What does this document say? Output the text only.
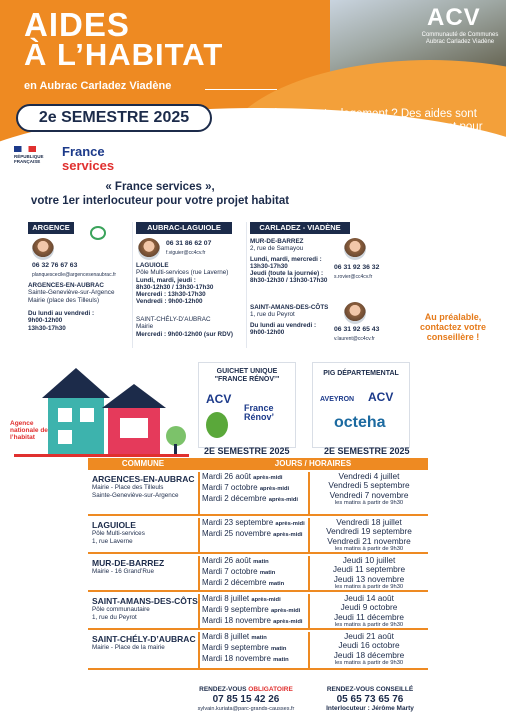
AIDES
À L’HABITAT
en Aubrac Carladez Viadène
ACV
Communauté de Communes Aubrac Carladez Viadène
2e SEMESTRE 2025	Vous rénovez votre logement ? Des aides sont mobilisables et différents dispositifs existent pour votre projet. Des permanences sont là pour vous guider dans vos démarches.
RÉPUBLIQUE FRANÇAISE
France
services
« France services »,
votre 1er interlocuteur pour votre projet habitat
ARGENCE
06 32 76 67 63
planquescecile@argencesenaubrac.fr
ARGENCES-EN-AUBRAC
Sainte-Geneviève-sur-Argence
Mairie (place des Tilleuls)
Du lundi au vendredi :
9h00-12h00
13h30-17h30
AUBRAC-LAGUIOLE
06 31 86 62 07
f.viguier@cc4cv.fr
LAGUIOLE
Pôle Multi-services (rue Laverne)
Lundi, mardi, jeudi :
8h30-12h30 / 13h30-17h30
Mercredi : 13h30-17h30
Vendredi : 9h00-12h00
SAINT-CHÉLY-D’AUBRAC
Mairie
Mercredi : 9h00-12h00 (sur RDV)
CARLADEZ - VIADÈNE
MUR-DE-BARREZ
2, rue de Samayou
Lundi, mardi, mercredi :
13h30-17h30
Jeudi (toute la journée) :
8h30-12h30 / 13h30-17h30
06 31 92 36 32
s.rovier@cc4cv.fr
SAINT-AMANS-DES-CÔTS
1, rue du Peyrot
Du lundi au vendredi :
9h00-12h00	06 31 92 65 43
v.laurent@cc4cv.fr
Au préalable, contactez votre conseillère !
Agence nationale de l’habitat
GUICHET UNIQUE "FRANCE RÉNOV’"
ACV
France Rénov’
2E SEMESTRE 2025
PIG DÉPARTEMENTAL
AVEYRON ACV
octeha
2E SEMESTRE 2025
COMMUNE	JOURS / HORAIRES
ARGENCES-EN-AUBRAC
Mairie - Place des Tilleuls
Sainte-Geneviève-sur-Argence
Mardi 26 août après-midi
Mardi 7 octobre après-midi
Mardi 2 décembre après-midi
Vendredi 4 juillet
Vendredi 5 septembre
Vendredi 7 novembre
les matins à partir de 9h30
LAGUIOLE
Pôle Multi-services
1, rue Laverne
Mardi 23 septembre après-midi
Mardi 25 novembre après-midi
Vendredi 18 juillet
Vendredi 19 septembre
Vendredi 21 novembre
les matins à partir de 9h30
MUR-DE-BARREZ
Mairie - 16 Grand’Rue
Mardi 26 août matin
Mardi 7 octobre matin
Mardi 2 décembre matin
Jeudi 10 juillet
Jeudi 11 septembre
Jeudi 13 novembre
les matins à partir de 9h30
SAINT-AMANS-DES-CÔTS
Pôle communautaire
1, rue du Peyrot
Mardi 8 juillet après-midi
Mardi 9 septembre après-midi
Mardi 18 novembre après-midi
Jeudi 14 août
Jeudi 9 octobre
Jeudi 11 décembre
les matins à partir de 9h30
SAINT-CHÉLY-D’AUBRAC
Mairie - Place de la mairie
Mardi 8 juillet matin
Mardi 9 septembre matin
Mardi 18 novembre matin
Jeudi 21 août
Jeudi 16 octobre
Jeudi 18 décembre
les matins à partir de 9h30
RENDEZ-VOUS OBLIGATOIRE
07 85 15 42 26
sylvain.kuriata@parc-grands-causses.fr
RENDEZ-VOUS CONSEILLÉ
05 65 73 65 76
Interlocuteur : Jérôme Marty
